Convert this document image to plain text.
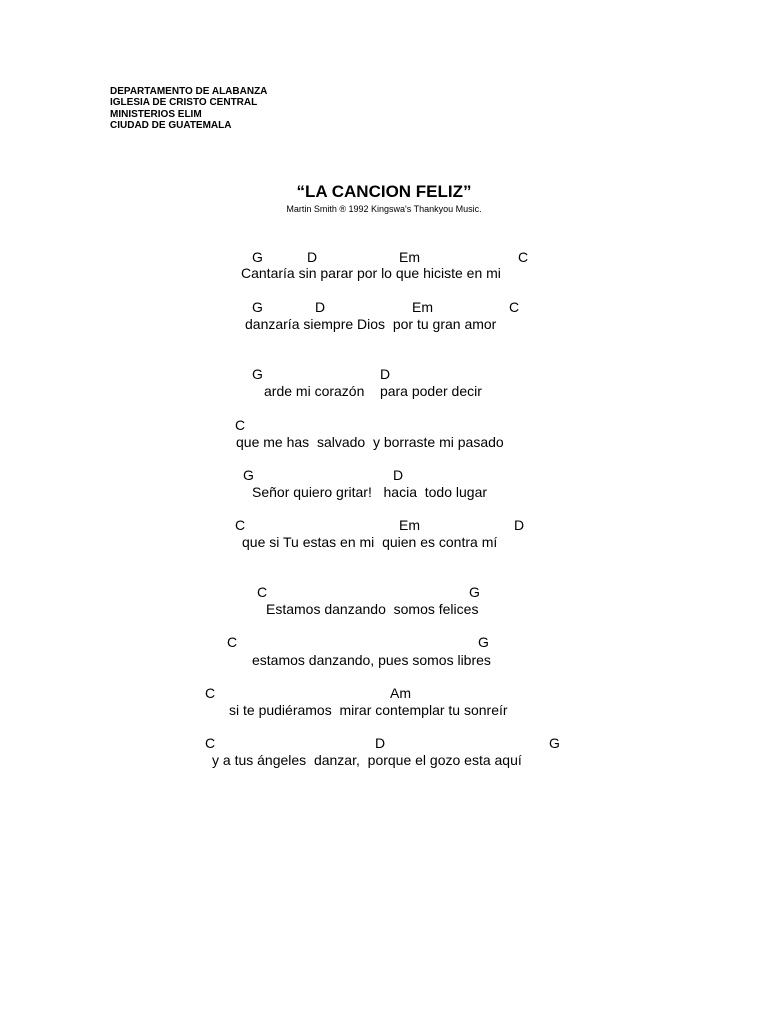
DEPARTAMENTO DE ALABANZA
IGLESIA DE CRISTO CENTRAL
MINISTERIOS ELIM
CIUDAD DE GUATEMALA
“LA CANCION FELIZ”
Martin Smith ® 1992 Kingswa's Thankyou Music.
G	D	Em	C
Cantaría sin parar por lo que hiciste en mi
G	D	Em	C
danzaría siempre Dios  por tu gran amor
G	D
arde mi corazón    para poder decir
C
que me has  salvado  y borraste mi pasado
G	D
Señor quiero gritar!   hacia  todo lugar
C	Em	D
que si Tu estas en mi  quien es contra mí
C	G
Estamos danzando  somos felices
C	G
estamos danzando, pues somos libres
C	Am
si te pudiéramos  mirar contemplar tu sonreír
C	D	G
y a tus ángeles  danzar,  porque el gozo esta aquí
